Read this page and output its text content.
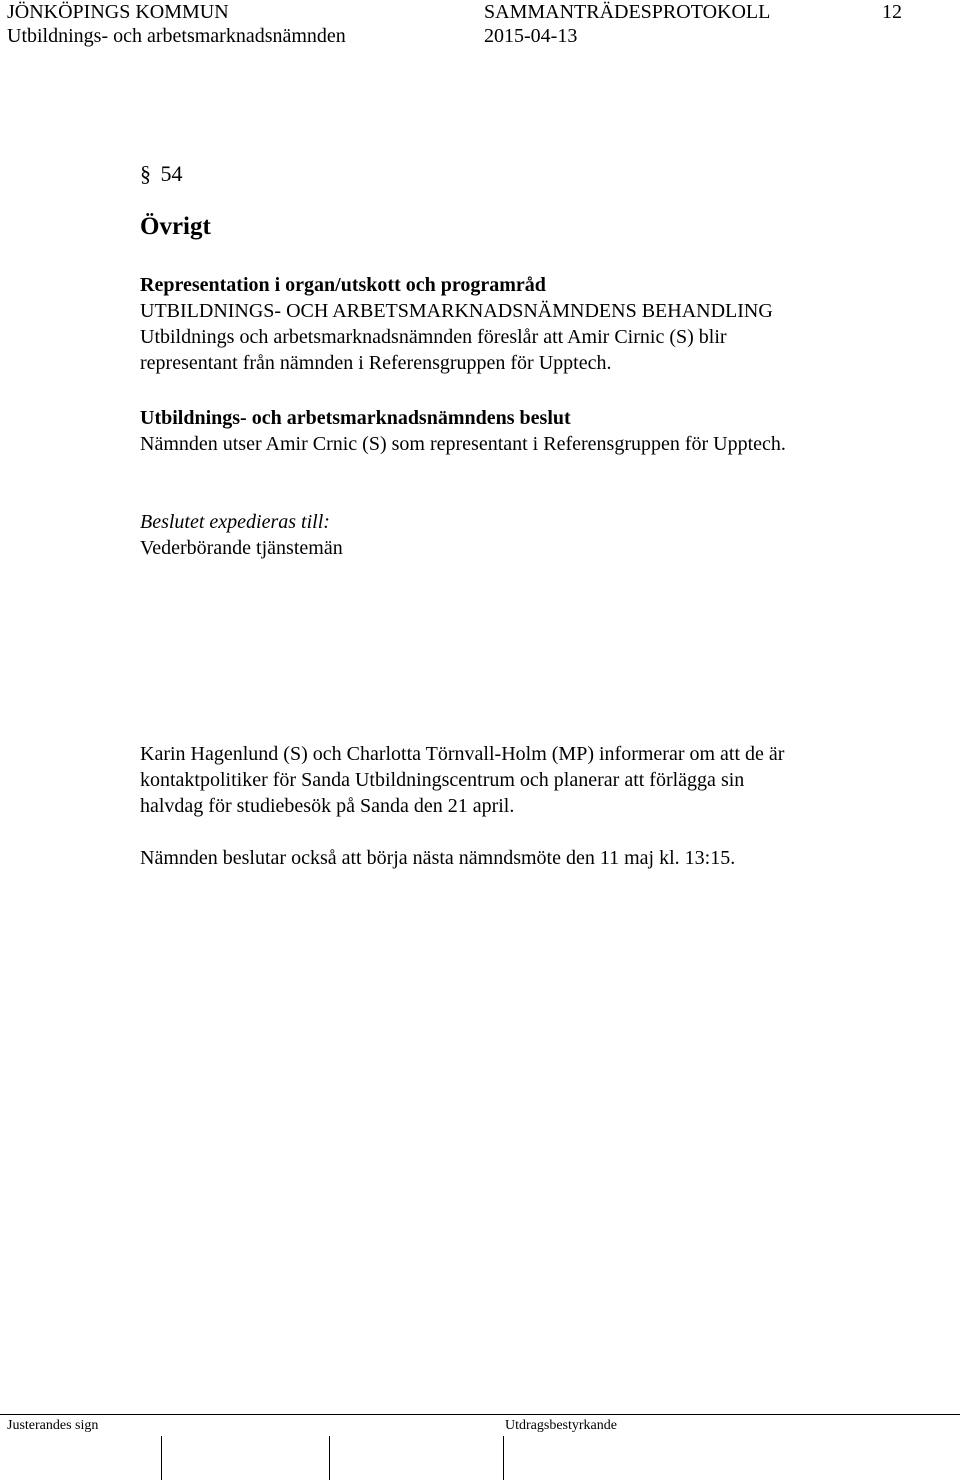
JÖNKÖPINGS KOMMUN	SAMMANTRÄDESPROTOKOLL	12
Utbildnings- och arbetsmarknadsnämnden	2015-04-13
§ 54
Övrigt
Representation i organ/utskott och programråd
UTBILDNINGS- OCH ARBETSMARKNADSNÄMNDENS BEHANDLING
Utbildnings och arbetsmarknadsnämnden föreslår att Amir Cirnic (S) blir
representant från nämnden i Referensgruppen för Upptech.
Utbildnings- och arbetsmarknadsnämndens beslut
Nämnden utser Amir Crnic (S) som representant i Referensgruppen för Upptech.
Beslutet expedieras till:
Vederbörande tjänstemän
Karin Hagenlund (S) och Charlotta Törnvall-Holm (MP) informerar om att de är
kontaktpolitiker för Sanda Utbildningscentrum och planerar att förlägga sin
halvdag för studiebesök på Sanda den 21 april.
Nämnden beslutar också att börja nästa nämndsmöte den 11 maj kl. 13:15.
Justerandes sign	Utdragsbestyrkande
